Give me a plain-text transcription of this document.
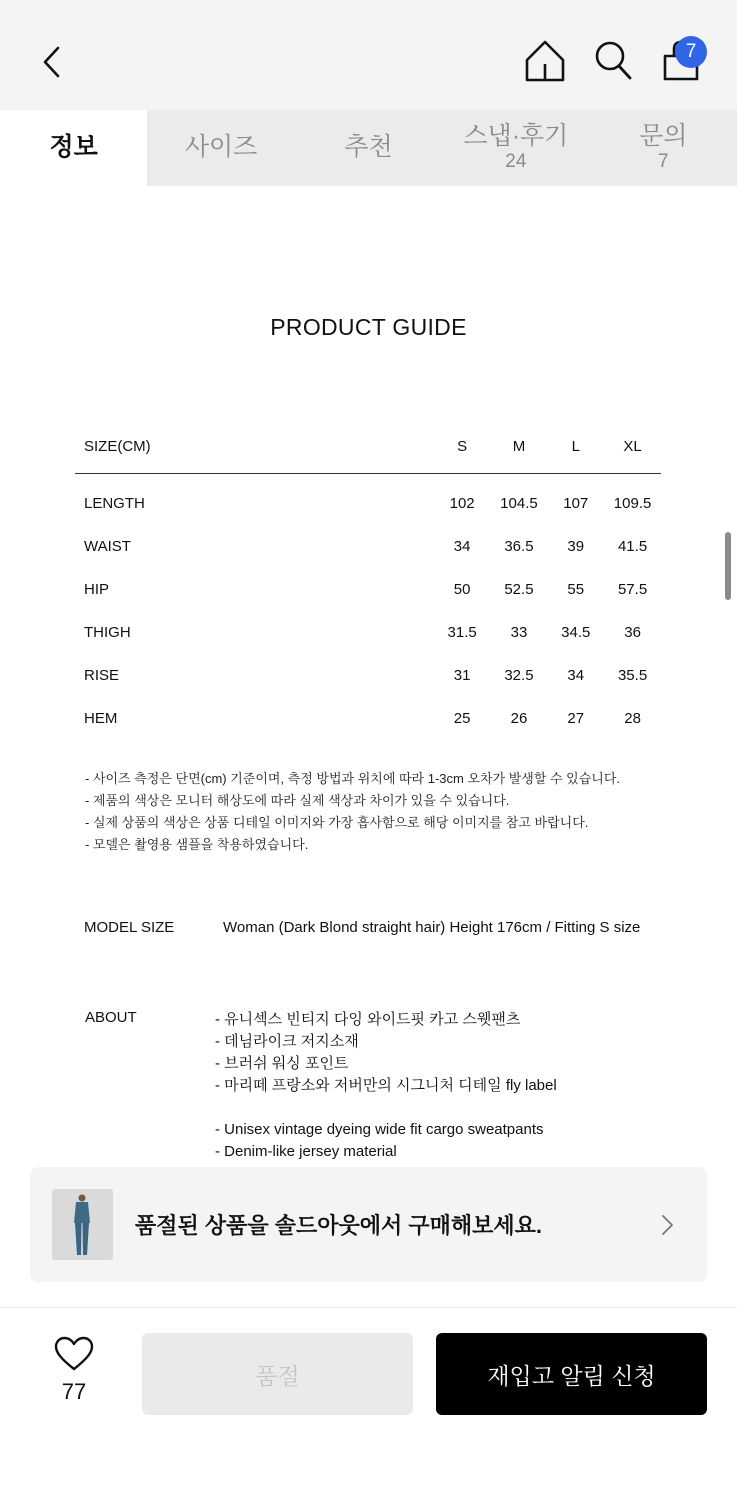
7
정보	사이즈	추천	스냅·후기
24
문의
7
PRODUCT GUIDE
SIZE(CM)	S	M	L	XL
LENGTH	102	104.5	107	109.5
WAIST	34	36.5	39	41.5
HIP	50	52.5	55	57.5
THIGH	31.5	33	34.5	36
RISE	31	32.5	34	35.5
HEM	25	26	27	28
- 사이즈 측정은 단면(cm) 기준이며, 측정 방법과 위치에 따라 1-3cm 오차가 발생할 수 있습니다.
- 제품의 색상은 모니터 해상도에 따라 실제 색상과 차이가 있을 수 있습니다.
- 실제 상품의 색상은 상품 디테일 이미지와 가장 흡사함으로 해당 이미지를 참고 바랍니다.
- 모델은 촬영용 샘플을 착용하였습니다.
MODEL SIZE	Woman (Dark Blond straight hair) Height 176cm / Fitting S size
ABOUT	- 유니섹스 빈티지 다잉 와이드핏 카고 스웻팬츠
- 데님라이크 저지소재
- 브러쉬 워싱 포인트
- 마리떼 프랑소와 저버만의 시그니처 디테일 fly label
- Unisex vintage dyeing wide fit cargo sweatpants
- Denim-like jersey material
품절된 상품을 솔드아웃에서 구매해보세요.
77
품절	재입고 알림 신청
